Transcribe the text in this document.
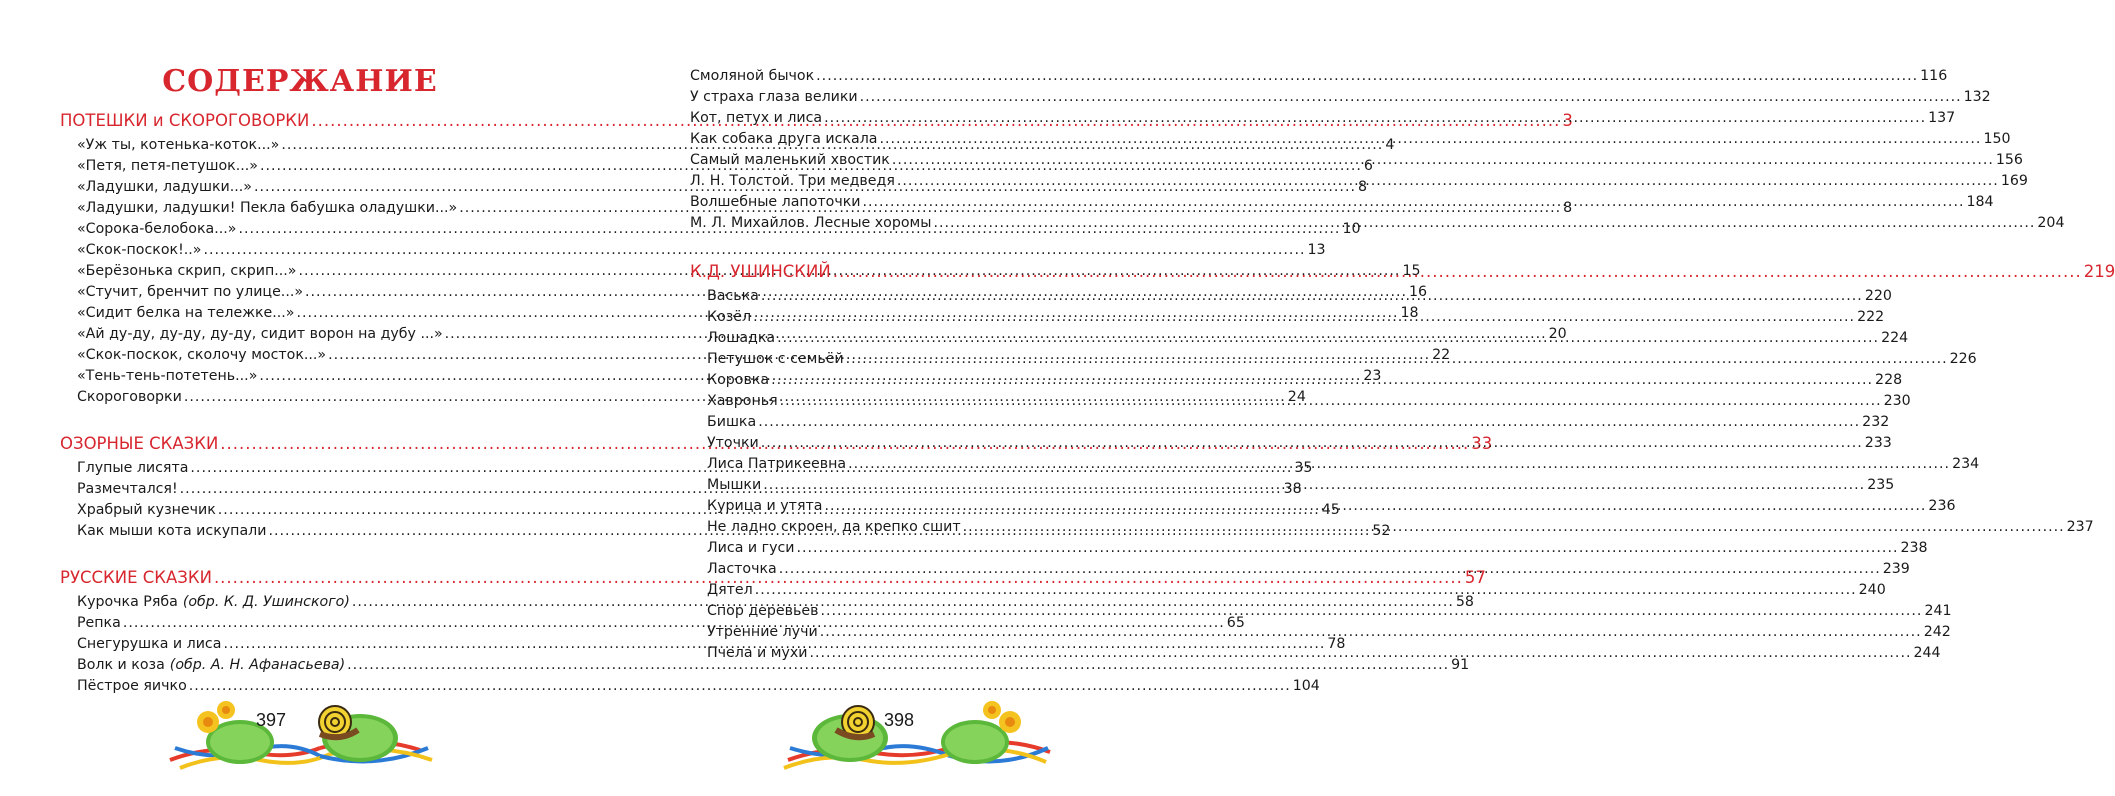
СОДЕРЖАНИЕ
ПОТЕШКИ и СКОРОГОВОРКИ .....	3
«Уж ты, котенька-коток...» .....	4
«Петя, петя-петушок...» .....	6
«Ладушки, ладушки...» .....	8
«Ладушки, ладушки! Пекла бабушка оладушки...» .....	8
«Сорока-белобока...» .....	10
«Скок-поскок!..» .....	13
«Берёзонька скрип, скрип...» .....	15
«Стучит, бренчит по улице...» .....	16
«Сидит белка на тележке...» .....	18
«Ай ду-ду, ду-ду, ду-ду, сидит ворон на дубу ...» .....	20
«Скок-поскок, сколочу мосток...» .....	22
«Тень-тень-потетень...» .....	23
Скороговорки .....	24
ОЗОРНЫЕ СКАЗКИ .....	33
Глупые лисята .....	35
Размечтался! .....	38
Храбрый кузнечик .....	45
Как мыши кота искупали .....	52
РУССКИЕ СКАЗКИ .....	57
Курочка Ряба (обр. К. Д. Ушинского) .....	58
Репка .....	65
Снегурушка и лиса .....	78
Волк и коза (обр. А. Н. Афанасьева) .....	91
Пёстрое яичко .....	104
397
Смоляной бычок .....	116
У страха глаза велики .....	132
Кот, петух и лиса .....	137
Как собака друга искала .....	150
Самый маленький хвостик .....	156
Л. Н. Толстой. Три медведя .....	169
Волшебные лапоточки .....	184
М. Л. Михайлов. Лесные хоромы .....	204
К.Д. УШИНСКИЙ .....	219
Васька .....	220
Козёл .....	222
Лошадка .....	224
Петушок с семьёй .....	226
Коровка .....	228
Хавронья .....	230
Бишка .....	232
Уточки .....	233
Лиса Патрикеевна .....	234
Мышки .....	235
Курица и утята .....	236
Не ладно скроен, да крепко сшит .....	237
Лиса и гуси .....	238
Ласточка .....	239
Дятел .....	240
Спор деревьев .....	241
Утренние лучи .....	242
Пчела и мухи .....	244
398
